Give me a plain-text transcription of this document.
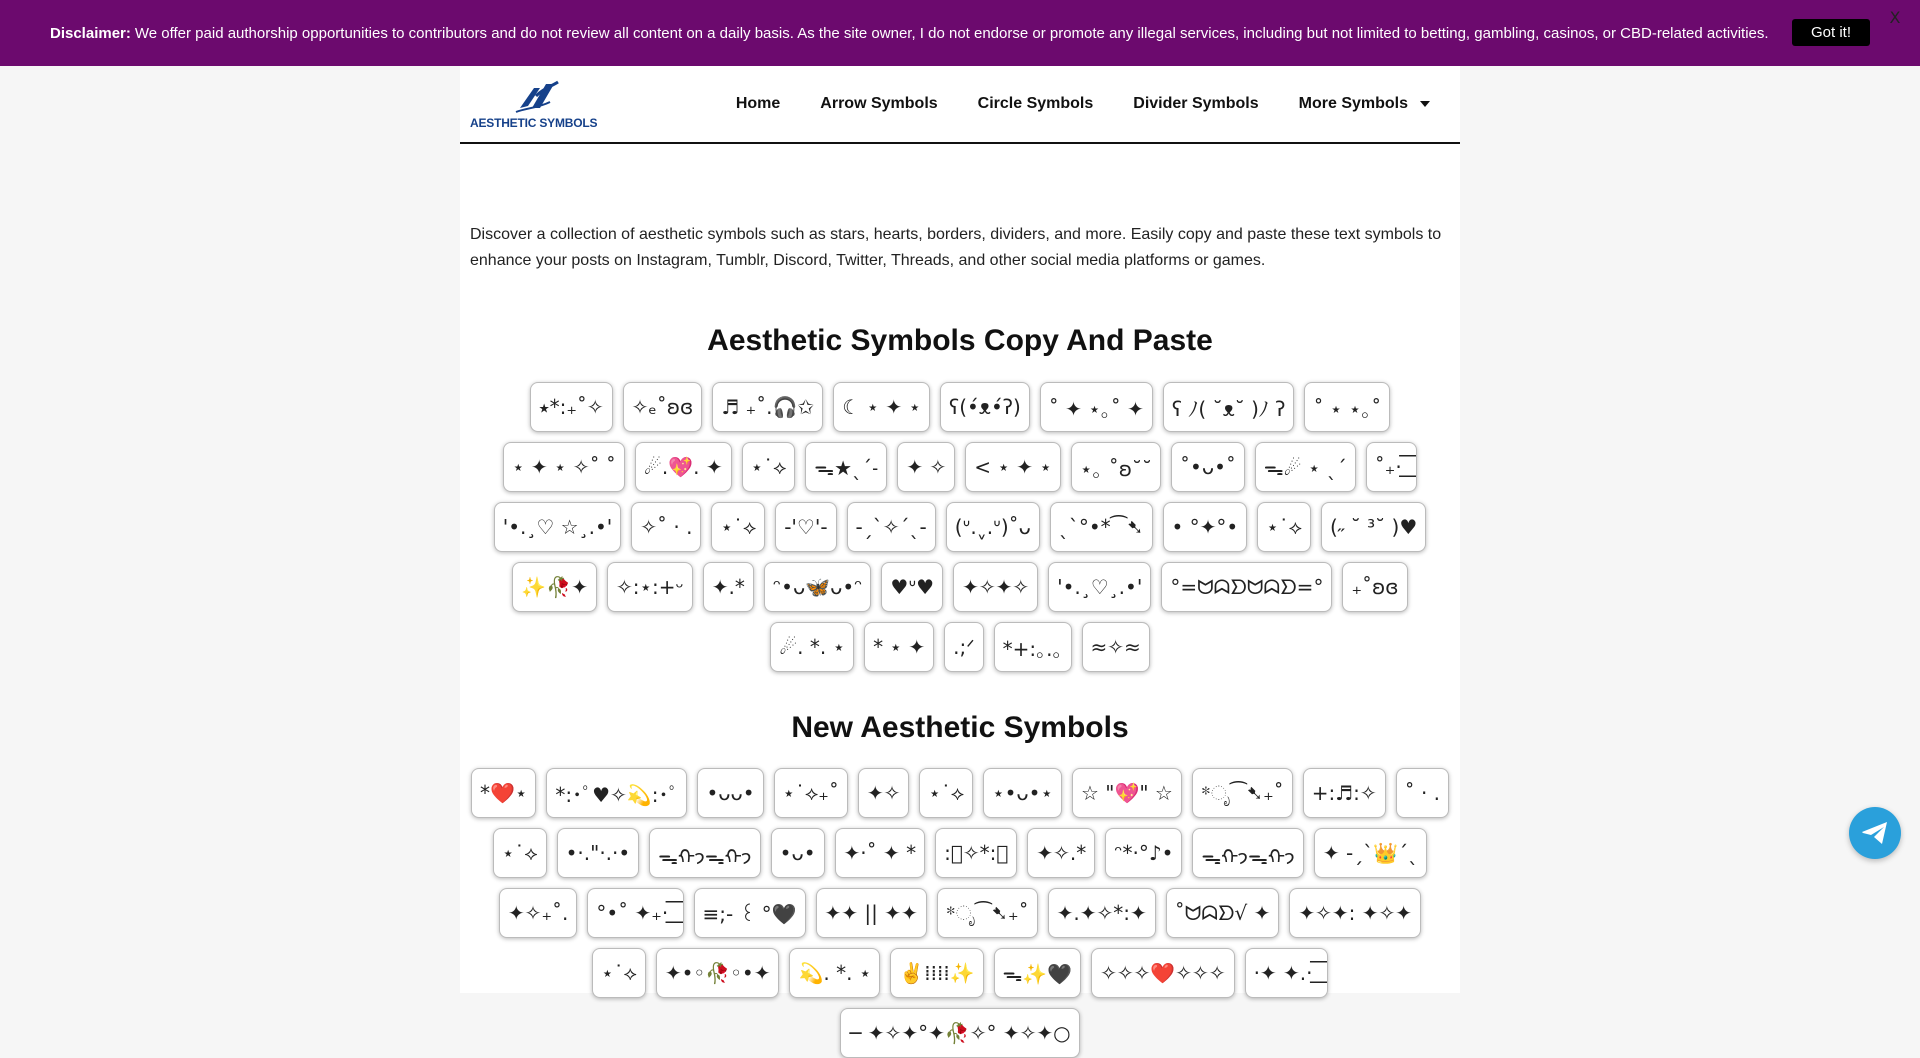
Disclaimer: We offer paid authorship opportunities to contributors and do not review all content on a daily basis. As the site owner, I do not endorse or promote any illegal services, including but not limited to betting, gambling, casinos, or CBD-related activities.	Got it!
X
AESTHETIC SYMBOLS
Home	Arrow Symbols	Circle Symbols	Divider Symbols	More Symbols

Discover a collection of aesthetic symbols such as stars, hearts, borders, dividers, and more. Easily copy and paste these text symbols to enhance your posts on Instagram, Tumblr, Discord, Twitter, Threads, and other social media platforms or games.

Aesthetic Symbols Copy And Paste
⭑*:₊˚✧	✧ₑ˚ʚɞ	♬ ₊˚.🎧✩	☾ ⋆ ✦ ⋆	ʕ(•́ᴥ•́ʔ)	˚ ✦ ⋆｡˚ ✦	ʕ ﾉ( ˘ᴥ˘ )ﾉ ʔ	˚ ⋆ ⋆｡˚
⋆ ✦ ⋆ ✧˚ ˚	☄.💖. ✦	⋆˙⟡	ᯓ★ˎˊ˗	✦ ✧	< ⋆ ✦ ⋆	⋆｡ ˚ʚ˘˘	˚•ᴗ•˚	ᯓ☄ ⋆ ˎˊ	˚₊· ͟͟͞
'•.¸♡ ☆¸.•'	✧˚ · .	⋆˙⟡	-'♡'-	-ˏˋ✧ˊˎ-	(ᐡ.ˬ.ᐡ)˚ᴗ	ˎˋ°•*⁀➷	• °✦°•	⋆˙⟡	(˶ ˘ ³˘ )♥
✨🥀✦	✧:⋆:+ᵕ	✦.*	ᵔ•ᴗ🦋ᴗ•ᵔ	♥ᐡ♥	✦✧✦✧	'•.¸♡¸.•'	°=ᗢᗣᗤᗢᗣᗤ=°	₊˚ʚɞ
☄. *. ⋆	* ⋆ ✦	.;ᐟ	*+:｡.｡	≈✧≈
New Aesthetic Symbols
*❤️⋆	*:･ﾟ♥✧💫:･ﾟ	•ᴗᴗ•	⋆˙⟡₊˚	✦✧	⋆˙⟡	⋆•ᴗ•⋆	☆ "💖" ☆	*ೃ⁀➷₊˚	+:♬:✧	˚ · .
⋆˙⟡	•·."·.·•	ᯓᡣ𐭩ᯓᡣ𐭩	•ᴗ•	✦·˚ ✦ *	:ﾟ✧*:ﾟ	✦✧.*	ᵔ*·°♪•	ᯓᡣ𐭩ᯓᡣ𐭩	✦ -ˏˋ👑ˊˎ
✦✧₊˚.	°•˚ ✦₊· ͟͟͞	≡;- ꒰ °🖤	✦✦ || ✦✦	*ೃ⁀➷₊˚	✦.✦✧*:✦	˚ᗢᗣᗤ√ ✦	✦✧✦: ✦✧✦
⋆˙⟡	✦•◦🥀◦•✦	💫. *. ⋆	✌️⁞⁞⁞⁞✨	ᯓ✨🖤	✧✧✧❤️✧✧✧	·✦ ✦.· ͟͟͞
─ ✦✧✦°✦🥀✧° ✦✧✦○
